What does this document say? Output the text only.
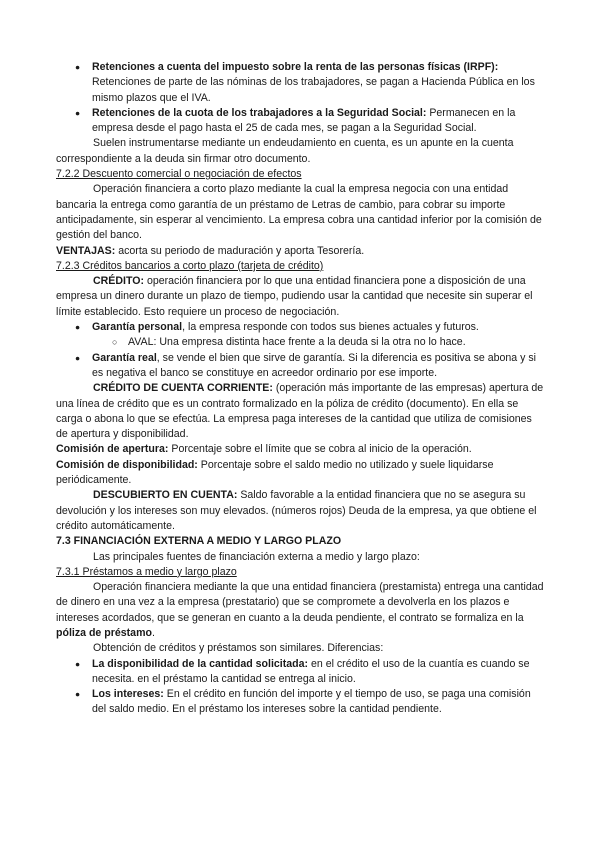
● Retenciones a cuenta del impuesto sobre la renta de las personas físicas (IRPF): Retenciones de parte de las nóminas de los trabajadores, se pagan a Hacienda Pública en los mismo plazos que el IVA.
● Retenciones de la cuota de los trabajadores a la Seguridad Social: Permanecen en la empresa desde el pago hasta el 25 de cada mes, se pagan a la Seguridad Social.

Suelen instrumentarse mediante un endeudamiento en cuenta, es un apunte en la cuenta correspondiente a la deuda sin firmar otro documento.

7.2.2 Descuento comercial o negociación de efectos

Operación financiera a corto plazo mediante la cual la empresa negocia con una entidad bancaria la entrega como garantía de un préstamo de Letras de cambio, para cobrar su importe anticipadamente, sin esperar al vencimiento. La empresa cobra una cantidad inferior por la comisión de gestión del banco.

VENTAJAS: acorta su periodo de maduración y aporta Tesorería.

7.2.3 Créditos bancarios a corto plazo (tarjeta de crédito)

CRÉDITO: operación financiera por lo que una entidad financiera pone a disposición de una empresa un dinero durante un plazo de tiempo, pudiendo usar la cantidad que necesite sin superar el límite establecido. Esto requiere un proceso de negociación.

● Garantía personal, la empresa responde con todos sus bienes actuales y futuros.
○ AVAL: Una empresa distinta hace frente a la deuda si la otra no lo hace.
● Garantía real, se vende el bien que sirve de garantía. Si la diferencia es positiva se abona y si es negativa el banco se constituye en acreedor ordinario por ese importe.

CRÉDITO DE CUENTA CORRIENTE: (operación más importante de las empresas) apertura de una línea de crédito que es un contrato formalizado en la póliza de crédito (documento). En ella se carga o abona lo que se efectúa. La empresa paga intereses de la cantidad que utiliza de comisiones de apertura y disponibilidad.

Comisión de apertura: Porcentaje sobre el límite que se cobra al inicio de la operación.

Comisión de disponibilidad: Porcentaje sobre el saldo medio no utilizado y suele liquidarse periódicamente.

DESCUBIERTO EN CUENTA: Saldo favorable a la entidad financiera que no se asegura su devolución y los intereses son muy elevados. (números rojos) Deuda de la empresa, ya que obtiene el crédito automáticamente.

7.3 FINANCIACIÓN EXTERNA A MEDIO Y LARGO PLAZO

Las principales fuentes de financiación externa a medio y largo plazo:

7.3.1 Préstamos a medio y largo plazo

Operación financiera mediante la que una entidad financiera (prestamista) entrega una cantidad de dinero en una vez a la empresa (prestatario) que se compromete a devolverla en los plazos e intereses acordados, que se generan en cuanto a la deuda pendiente, el contrato se formaliza en la póliza de préstamo.

Obtención de créditos y préstamos son similares. Diferencias:

● La disponibilidad de la cantidad solicitada: en el crédito el uso de la cuantía es cuando se necesita. en el préstamo la cantidad se entrega al inicio.
● Los intereses: En el crédito en función del importe y el tiempo de uso, se paga una comisión del saldo medio. En el préstamo los intereses sobre la cantidad pendiente.
